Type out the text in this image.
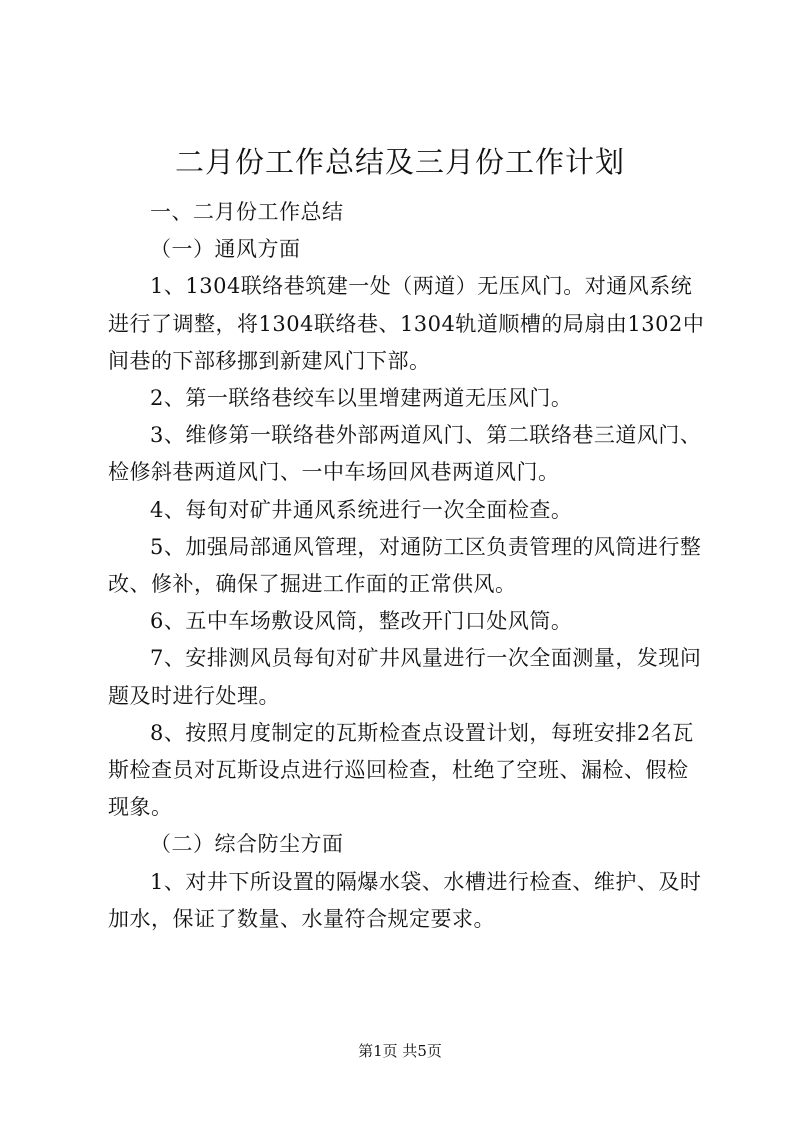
二月份工作总结及三月份工作计划

一、二月份工作总结

（一）通风方面

1、1304联络巷筑建一处（两道）无压风门。对通风系统进行了调整，将1304联络巷、1304轨道顺槽的局扇由1302中间巷的下部移挪到新建风门下部。

2、第一联络巷绞车以里增建两道无压风门。

3、维修第一联络巷外部两道风门、第二联络巷三道风门、检修斜巷两道风门、一中车场回风巷两道风门。

4、每旬对矿井通风系统进行一次全面检查。

5、加强局部通风管理，对通防工区负责管理的风筒进行整改、修补，确保了掘进工作面的正常供风。

6、五中车场敷设风筒，整改开门口处风筒。

7、安排测风员每旬对矿井风量进行一次全面测量，发现问题及时进行处理。

8、按照月度制定的瓦斯检查点设置计划，每班安排2名瓦斯检查员对瓦斯设点进行巡回检查，杜绝了空班、漏检、假检现象。

（二）综合防尘方面

1、对井下所设置的隔爆水袋、水槽进行检查、维护、及时加水，保证了数量、水量符合规定要求。

第1页 共5页
